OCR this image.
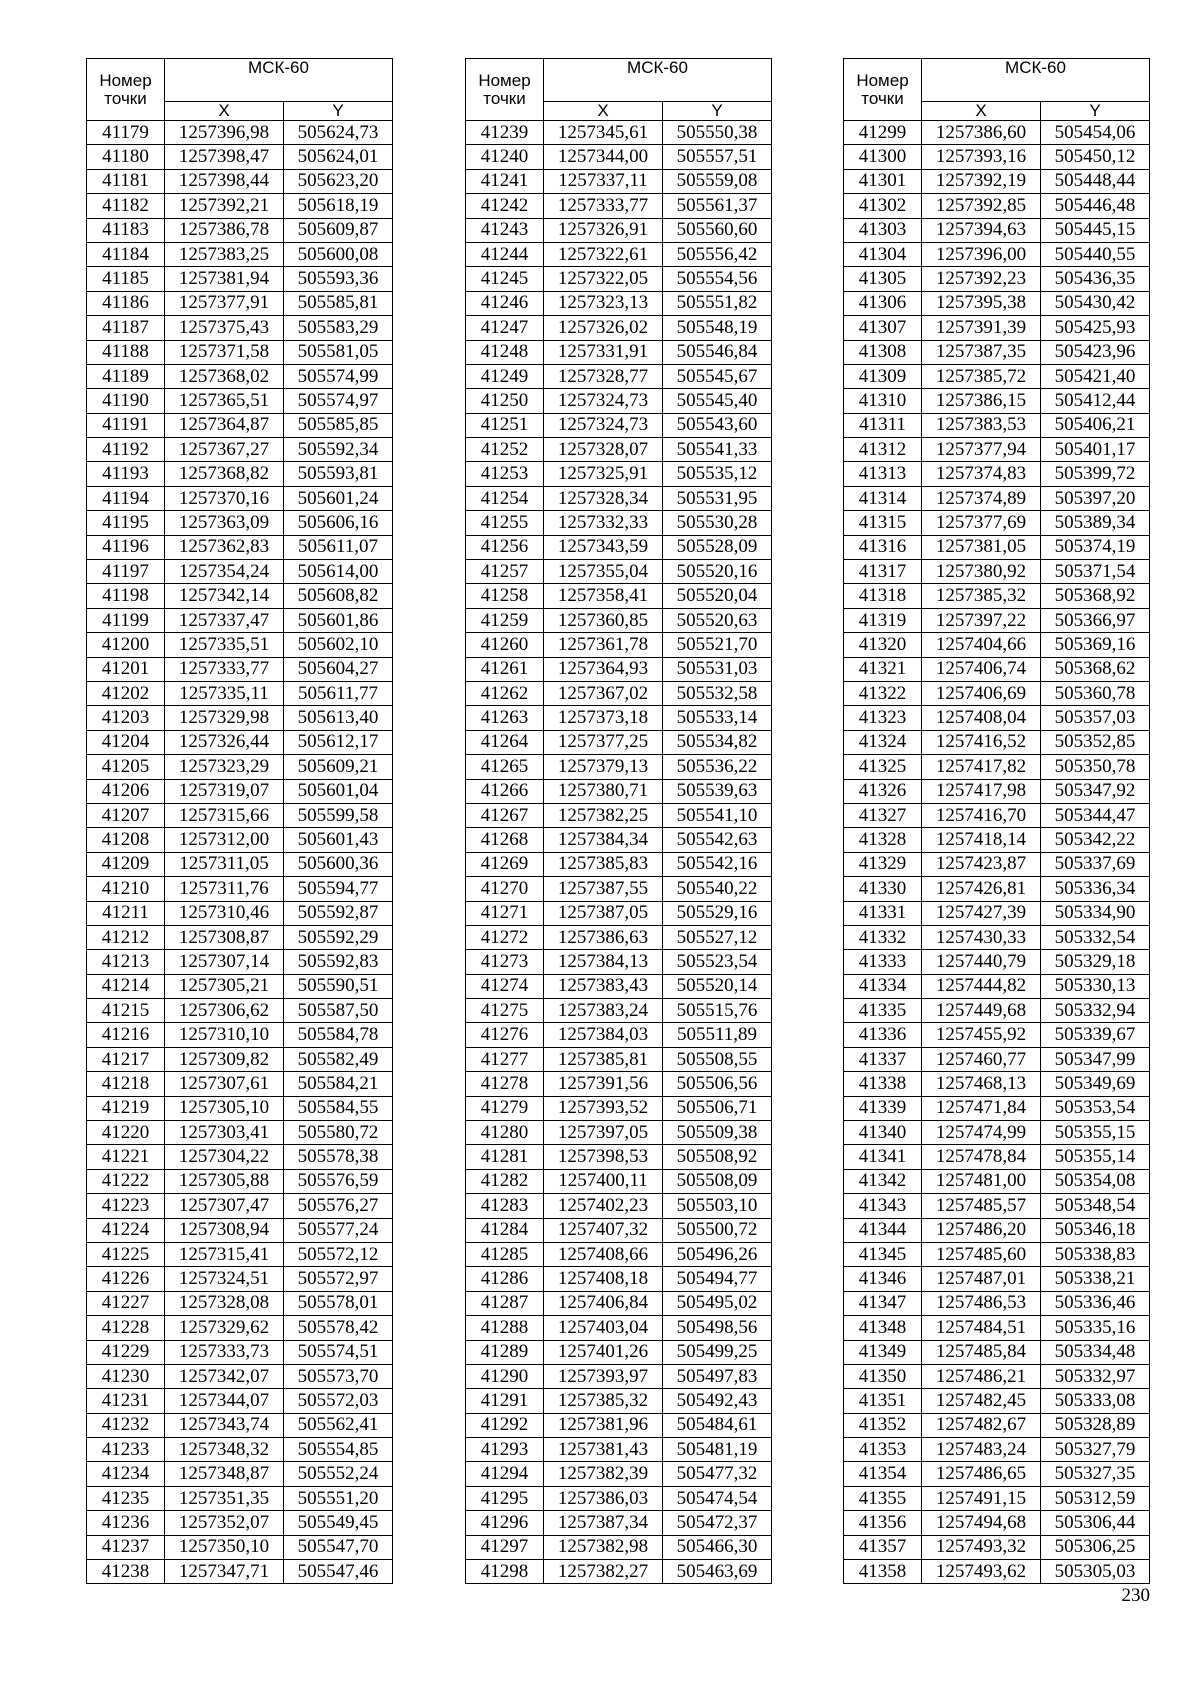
Номер
точки	МСК-60	
	X	Y
41179	1257396,98	505624,73
41180	1257398,47	505624,01
41181	1257398,44	505623,20
41182	1257392,21	505618,19
41183	1257386,78	505609,87
41184	1257383,25	505600,08
41185	1257381,94	505593,36
41186	1257377,91	505585,81
41187	1257375,43	505583,29
41188	1257371,58	505581,05
41189	1257368,02	505574,99
41190	1257365,51	505574,97
41191	1257364,87	505585,85
41192	1257367,27	505592,34
41193	1257368,82	505593,81
41194	1257370,16	505601,24
41195	1257363,09	505606,16
41196	1257362,83	505611,07
41197	1257354,24	505614,00
41198	1257342,14	505608,82
41199	1257337,47	505601,86
41200	1257335,51	505602,10
41201	1257333,77	505604,27
41202	1257335,11	505611,77
41203	1257329,98	505613,40
41204	1257326,44	505612,17
41205	1257323,29	505609,21
41206	1257319,07	505601,04
41207	1257315,66	505599,58
41208	1257312,00	505601,43
41209	1257311,05	505600,36
41210	1257311,76	505594,77
41211	1257310,46	505592,87
41212	1257308,87	505592,29
41213	1257307,14	505592,83
41214	1257305,21	505590,51
41215	1257306,62	505587,50
41216	1257310,10	505584,78
41217	1257309,82	505582,49
41218	1257307,61	505584,21
41219	1257305,10	505584,55
41220	1257303,41	505580,72
41221	1257304,22	505578,38
41222	1257305,88	505576,59
41223	1257307,47	505576,27
41224	1257308,94	505577,24
41225	1257315,41	505572,12
41226	1257324,51	505572,97
41227	1257328,08	505578,01
41228	1257329,62	505578,42
41229	1257333,73	505574,51
41230	1257342,07	505573,70
41231	1257344,07	505572,03
41232	1257343,74	505562,41
41233	1257348,32	505554,85
41234	1257348,87	505552,24
41235	1257351,35	505551,20
41236	1257352,07	505549,45
41237	1257350,10	505547,70
41238	1257347,71	505547,46
Номер
точки	МСК-60	
	X	Y
41239	1257345,61	505550,38
41240	1257344,00	505557,51
41241	1257337,11	505559,08
41242	1257333,77	505561,37
41243	1257326,91	505560,60
41244	1257322,61	505556,42
41245	1257322,05	505554,56
41246	1257323,13	505551,82
41247	1257326,02	505548,19
41248	1257331,91	505546,84
41249	1257328,77	505545,67
41250	1257324,73	505545,40
41251	1257324,73	505543,60
41252	1257328,07	505541,33
41253	1257325,91	505535,12
41254	1257328,34	505531,95
41255	1257332,33	505530,28
41256	1257343,59	505528,09
41257	1257355,04	505520,16
41258	1257358,41	505520,04
41259	1257360,85	505520,63
41260	1257361,78	505521,70
41261	1257364,93	505531,03
41262	1257367,02	505532,58
41263	1257373,18	505533,14
41264	1257377,25	505534,82
41265	1257379,13	505536,22
41266	1257380,71	505539,63
41267	1257382,25	505541,10
41268	1257384,34	505542,63
41269	1257385,83	505542,16
41270	1257387,55	505540,22
41271	1257387,05	505529,16
41272	1257386,63	505527,12
41273	1257384,13	505523,54
41274	1257383,43	505520,14
41275	1257383,24	505515,76
41276	1257384,03	505511,89
41277	1257385,81	505508,55
41278	1257391,56	505506,56
41279	1257393,52	505506,71
41280	1257397,05	505509,38
41281	1257398,53	505508,92
41282	1257400,11	505508,09
41283	1257402,23	505503,10
41284	1257407,32	505500,72
41285	1257408,66	505496,26
41286	1257408,18	505494,77
41287	1257406,84	505495,02
41288	1257403,04	505498,56
41289	1257401,26	505499,25
41290	1257393,97	505497,83
41291	1257385,32	505492,43
41292	1257381,96	505484,61
41293	1257381,43	505481,19
41294	1257382,39	505477,32
41295	1257386,03	505474,54
41296	1257387,34	505472,37
41297	1257382,98	505466,30
41298	1257382,27	505463,69
Номер
точки	МСК-60	
	X	Y
41299	1257386,60	505454,06
41300	1257393,16	505450,12
41301	1257392,19	505448,44
41302	1257392,85	505446,48
41303	1257394,63	505445,15
41304	1257396,00	505440,55
41305	1257392,23	505436,35
41306	1257395,38	505430,42
41307	1257391,39	505425,93
41308	1257387,35	505423,96
41309	1257385,72	505421,40
41310	1257386,15	505412,44
41311	1257383,53	505406,21
41312	1257377,94	505401,17
41313	1257374,83	505399,72
41314	1257374,89	505397,20
41315	1257377,69	505389,34
41316	1257381,05	505374,19
41317	1257380,92	505371,54
41318	1257385,32	505368,92
41319	1257397,22	505366,97
41320	1257404,66	505369,16
41321	1257406,74	505368,62
41322	1257406,69	505360,78
41323	1257408,04	505357,03
41324	1257416,52	505352,85
41325	1257417,82	505350,78
41326	1257417,98	505347,92
41327	1257416,70	505344,47
41328	1257418,14	505342,22
41329	1257423,87	505337,69
41330	1257426,81	505336,34
41331	1257427,39	505334,90
41332	1257430,33	505332,54
41333	1257440,79	505329,18
41334	1257444,82	505330,13
41335	1257449,68	505332,94
41336	1257455,92	505339,67
41337	1257460,77	505347,99
41338	1257468,13	505349,69
41339	1257471,84	505353,54
41340	1257474,99	505355,15
41341	1257478,84	505355,14
41342	1257481,00	505354,08
41343	1257485,57	505348,54
41344	1257486,20	505346,18
41345	1257485,60	505338,83
41346	1257487,01	505338,21
41347	1257486,53	505336,46
41348	1257484,51	505335,16
41349	1257485,84	505334,48
41350	1257486,21	505332,97
41351	1257482,45	505333,08
41352	1257482,67	505328,89
41353	1257483,24	505327,79
41354	1257486,65	505327,35
41355	1257491,15	505312,59
41356	1257494,68	505306,44
41357	1257493,32	505306,25
41358	1257493,62	505305,03
230
